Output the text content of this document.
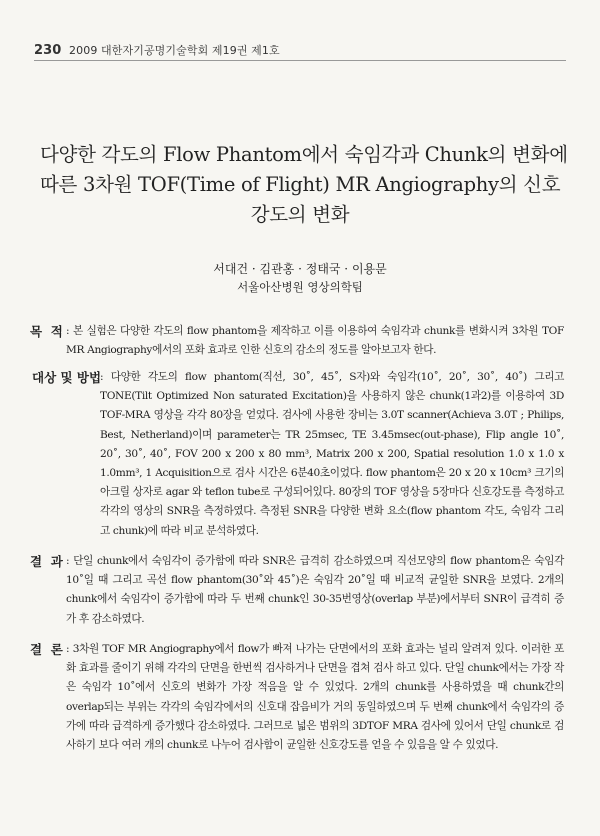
230 2009 대한자기공명기술학회 제19권 제1호
다양한 각도의 Flow Phantom에서 숙임각과 Chunk의 변화에
따른 3차원 TOF(Time of Flight) MR Angiography의 신호
강도의 변화
서대건 · 김관홍 · 정태국 · 이용문
서울아산병원 영상의학팀
목  적 : 본 실험은 다양한 각도의 flow phantom을 제작하고 이를 이용하여 숙임각과 chunk를 변화시켜 3차원 TOF MR Angiography에서의 포화 효과로 인한 신호의 감소의 정도를 알아보고자 한다.

대상 및 방법

: 다양한 각도의 flow phantom(직선, 30˚, 45˚, S자)와 숙임각(10˚, 20˚, 30˚, 40˚) 그리고 TONE(Tilt Optimized Non saturated Excitation)을 사용하지 않은 chunk(1과2)를 이용하여 3D TOF-MRA 영상을 각각 80장을 얻었다. 검사에 사용한 장비는 3.0T scanner(Achieva 3.0T ; Philips, Best, Netherland)이며 parameter는 TR 25msec, TE 3.45msec(out-phase), Flip angle 10˚, 20˚, 30˚, 40˚, FOV 200 x 200 x 80 mm³, Matrix 200 x 200, Spatial resolution 1.0 x 1.0 x 1.0mm³, 1 Acquisition으로 검사 시간은 6분40초이었다. flow phantom은 20 x 20 x 10cm³ 크기의 아크릴 상자로 agar 와 teflon tube로 구성되어있다. 80장의 TOF 영상을 5장마다 신호강도를 측정하고 각각의 영상의 SNR을 측정하였다. 측정된 SNR을 다양한 변화 요소(flow phantom 각도, 숙임각 그리고 chunk)에 따라 비교 분석하였다.

결  과 : 단일 chunk에서 숙임각이 증가함에 따라 SNR은 급격히 감소하였으며 직선모양의 flow phantom은 숙임각 10˚일 때 그리고 곡선 flow phantom(30˚와 45˚)은 숙임각 20˚일 때 비교적 균일한 SNR을 보였다. 2개의 chunk에서 숙임각이 증가함에 따라 두 번째 chunk인 30-35번영상(overlap 부분)에서부터 SNR이 급격히 증가 후 감소하였다.

결  론 : 3차원 TOF MR Angiography에서 flow가 빠져 나가는 단면에서의 포화 효과는 널리 알려져 있다. 이러한 포화 효과를 줄이기 위해 각각의 단면을 한번씩 검사하거나 단면을 겹쳐 검사 하고 있다. 단일 chunk에서는 가장 작은 숙임각 10˚에서 신호의 변화가 가장 적음을 알 수 있었다. 2개의 chunk를 사용하였을 때 chunk간의 overlap되는 부위는 각각의 숙임각에서의 신호대 잡음비가 거의 동일하였으며 두 번째 chunk에서 숙임각의 증가에 따라 급격하게 증가했다 감소하였다. 그러므로 넓은 범위의 3DTOF MRA 검사에 있어서 단일 chunk로 검사하기 보다 여러 개의 chunk로 나누어 검사함이 균일한 신호강도를 얻을 수 있음을 알 수 있었다.
